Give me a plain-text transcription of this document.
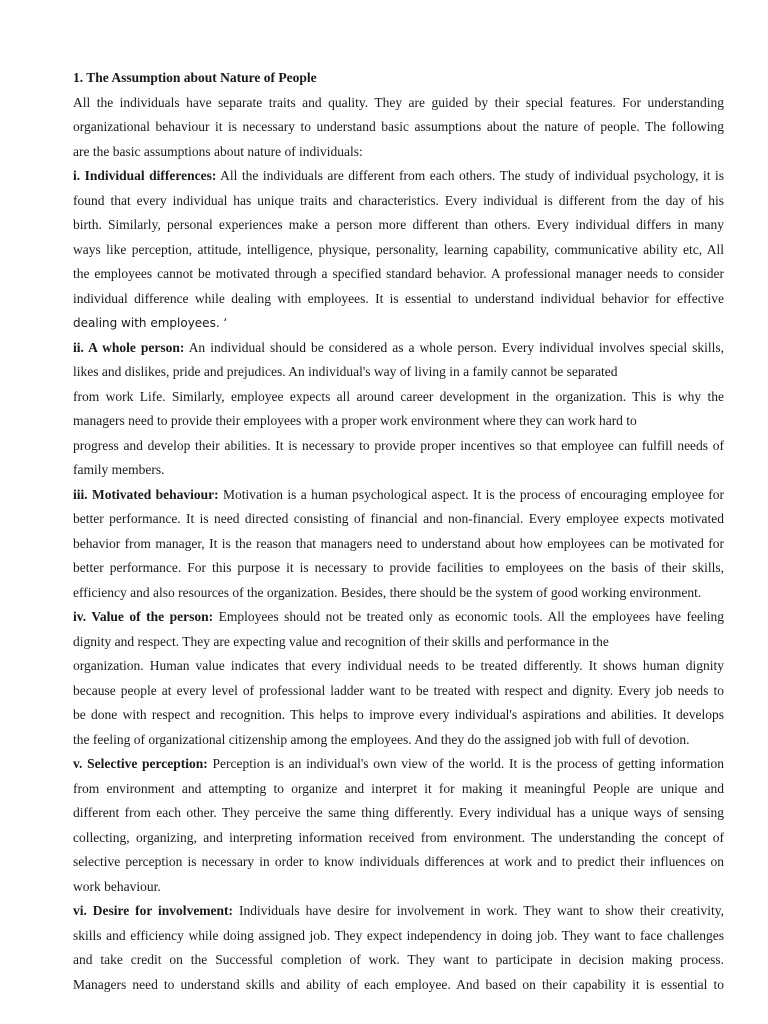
1. The Assumption about Nature of People
All the individuals have separate traits and quality. They are guided by their special features. For understanding
organizational behaviour it is necessary to understand basic assumptions about the nature of people. The following
are the basic assumptions about nature of individuals:
i. Individual differences: All the individuals are different from each others. The study of individual psychology, it is
found that every individual has unique traits and characteristics. Every individual is different from the day of his
birth. Similarly, personal experiences make a person more different than others. Every individual differs in many
ways like perception, attitude, intelligence, physique, personality, learning capability, communicative ability etc, All
the employees cannot be motivated through a specified standard behavior. A professional manager needs to consider
individual difference while dealing with employees. It is essential to understand individual behavior for effective
dealing with employees. ‘
ii. A whole person: An individual should be considered as a whole person. Every individual involves special skills,
likes and dislikes, pride and prejudices. An individual's way of living in a family cannot be separated
from work Life. Similarly, employee expects all around career development in the organization. This is why the
managers need to provide their employees with a proper work environment where they can work hard to
progress and develop their abilities. It is necessary to provide proper incentives so that employee can fulfill needs of
family members.
iii. Motivated behaviour: Motivation is a human psychological aspect. It is the process of encouraging employee for
better performance. It is need directed consisting of financial and non-financial. Every employee expects motivated
behavior from manager, It is the reason that managers need to understand about how employees can be motivated for
better performance. For this purpose it is necessary to provide facilities to employees on the basis of their skills,
efficiency and also resources of the organization. Besides, there should be the system of good working environment.
iv. Value of the person: Employees should not be treated only as economic tools. All the employees have feeling
dignity and respect. They are expecting value and recognition of their skills and performance in the
organization. Human value indicates that every individual needs to be treated differently. It shows human dignity
because people at every level of professional ladder want to be treated with respect and dignity. Every job needs to
be done with respect and recognition. This helps to improve every individual's aspirations and abilities. It develops
the feeling of organizational citizenship among the employees. And they do the assigned job with full of devotion.
v. Selective perception: Perception is an individual's own view of the world. It is the process of getting information
from environment and attempting to organize and interpret it for making it meaningful People are unique and
different from each other. They perceive the same thing differently. Every individual has a unique ways of sensing
collecting, organizing, and interpreting information received from environment. The understanding the concept of
selective perception is necessary in order to know individuals differences at work and to predict their influences on
work behaviour.
vi. Desire for involvement: Individuals have desire for involvement in work. They want to show their creativity,
skills and efficiency while doing assigned job. They expect independency in doing job. They want to face challenges
and take credit on the Successful completion of work. They want to participate in decision making process.
Managers need to understand skills and ability of each employee. And based on their capability it is essential to
